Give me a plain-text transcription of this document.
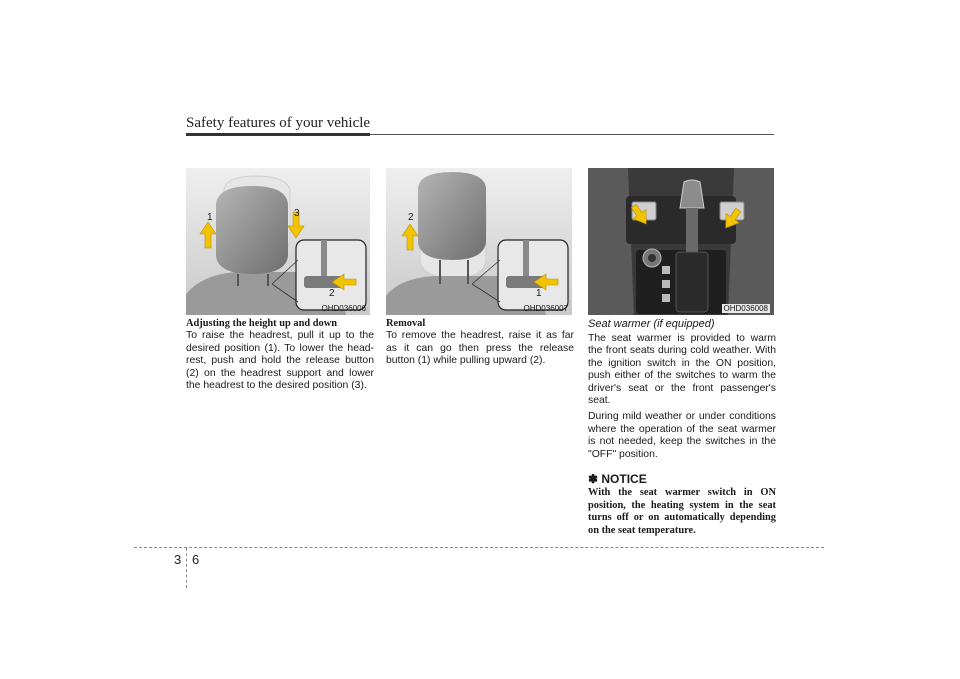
Safety features of your vehicle
1	3
2
OHD036006
2
1
OHD036007	OHD036008
Adjusting the height up and down

To raise the headrest, pull it up to the desired position (1). To lower the head-rest, push and hold the release button (2) on the headrest support and lower the headrest to the desired position (3).

Removal

To remove the headrest, raise it as far as it can go then press the release button (1) while pulling upward (2).

Seat warmer (if equipped)

The seat warmer is provided to warm the front seats during cold weather. With the ignition switch in the ON position, push either of the switches to warm the driver's seat or the front passenger's seat.

During mild weather or under conditions where the operation of the seat warmer is not needed, keep the switches in the "OFF" position.

✽ NOTICE
With the seat warmer switch in ON position, the heating system in the seat turns off or on automatically depending on the seat temperature.
3 6
